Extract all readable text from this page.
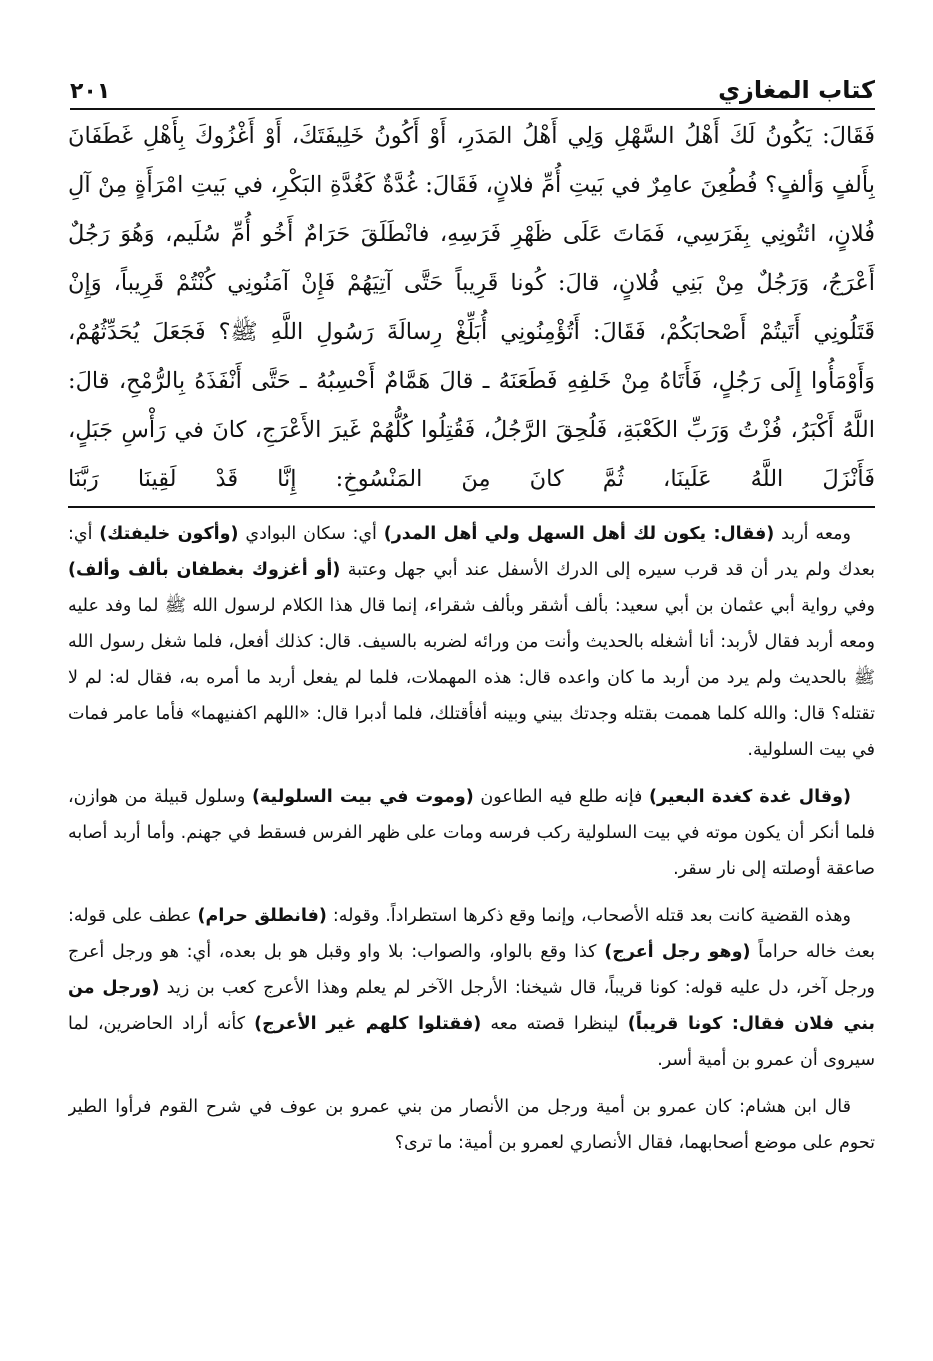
كتاب المغازي
٢٠١

فَقَالَ: يَكُونُ لَكَ أَهْلُ السَّهْلِ وَلِي أَهْلُ المَدَرِ، أَوْ أَكُونُ خَلِيفَتَكَ، أَوْ أَغْزُوكَ بِأَهْلِ غَطَفَانَ بِأَلفٍ وَألفٍ؟ فُطُعِنَ عامِرٌ في بَيتِ أُمِّ فلانٍ، فَقَالَ: غُدَّةٌ كَغُدَّةِ البَكْرِ، في بَيتِ امْرَأَةٍ مِنْ آلِ فُلانٍ، ائتُونِي بِفَرَسِي، فَمَاتَ عَلَى ظَهْرِ فَرَسِهِ، فانْطَلَقَ حَرَامٌ أَخُو أُمِّ سُلَيم، وَهُوَ رَجُلٌ أَعْرَجُ، وَرَجُلٌ مِنْ بَنِي فُلانٍ، قالَ: كُونا قَرِيباً حَتَّى آتِيَهُمْ فَإِنْ آمَنُونِي كُنْتُمْ قَرِيباً، وَإِنْ قَتَلُونِي أَتَيتُمْ أَصْحابَكُمْ، فَقَالَ: أَتُؤْمِنُونِي أُبَلِّغْ رِسالَةَ رَسُولِ اللَّهِ ﷺ؟ فَجَعَلَ يُحَدِّثُهُمْ، وَأَوْمَأُوا إِلَى رَجُلٍ، فَأَتَاهُ مِنْ خَلفِهِ فَطَعَنَهُ ـ قالَ هَمَّامٌ أَحْسِبُهُ ـ حَتَّى أَنْفَذَهُ بِالرُّمْحِ، قالَ: اللَّهُ أَكْبَرُ، فُزْتُ وَرَبِّ الكَعْبَةِ، فَلُحِقَ الرَّجُلُ، فَقُتِلُوا كُلُّهُمْ غَيرَ الأَعْرَجِ، كانَ في رَأْسِ جَبَلٍ، فَأَنْزَلَ اللَّهُ عَلَينَا، ثُمَّ كانَ مِنَ المَنْسُوخِ: إِنَّا قَدْ لَقِينَا رَبَّنَا

ومعه أربد (فقال: يكون لك أهل السهل ولي أهل المدر) أي: سكان البوادي (وأكون خليفتك) أي: بعدك ولم يدر أن قد قرب سيره إلى الدرك الأسفل عند أبي جهل وعتبة (أو أغزوك بغطفان بألف وألف) وفي رواية أبي عثمان بن أبي سعيد: بألف أشقر وبألف شقراء، إنما قال هذا الكلام لرسول الله ﷺ لما وفد عليه ومعه أربد فقال لأربد: أنا أشغله بالحديث وأنت من ورائه لضربه بالسيف. قال: كذلك أفعل، فلما شغل رسول الله ﷺ بالحديث ولم يرد من أربد ما كان واعده قال: هذه المهملات، فلما لم يفعل أربد ما أمره به، فقال له: لم لا تقتله؟ قال: والله كلما هممت بقتله وجدتك بيني وبينه أفأقتلك، فلما أدبرا قال: «اللهم اكفنيهما» فأما عامر فمات في بيت السلولية.

(وقال غدة كغدة البعير) فإنه طلع فيه الطاعون (وموت في بيت السلولية) وسلول قبيلة من هوازن، فلما أنكر أن يكون موته في بيت السلولية ركب فرسه ومات على ظهر الفرس فسقط في جهنم. وأما أربد أصابه صاعقة أوصلته إلى نار سقر.

وهذه القضية كانت بعد قتله الأصحاب، وإنما وقع ذكرها استطراداً. وقوله: (فانطلق حرام) عطف على قوله: بعث خاله حراماً (وهو رجل أعرج) كذا وقع بالواو، والصواب: بلا واو وقبل هو بل بعده، أي: هو ورجل أعرج ورجل آخر، دل عليه قوله: كونا قريباً، قال شيخنا: الأرجل الآخر لم يعلم وهذا الأعرج كعب بن زيد (ورجل من بني فلان فقال: كونا قريباً) لينظرا قصته معه (فقتلوا كلهم غير الأعرج) كأنه أراد الحاضرين، لما سيروى أن عمرو بن أمية أسر.

قال ابن هشام: كان عمرو بن أمية ورجل من الأنصار من بني عمرو بن عوف في شرح القوم فرأوا الطير تحوم على موضع أصحابهما، فقال الأنصاري لعمرو بن أمية: ما ترى؟
